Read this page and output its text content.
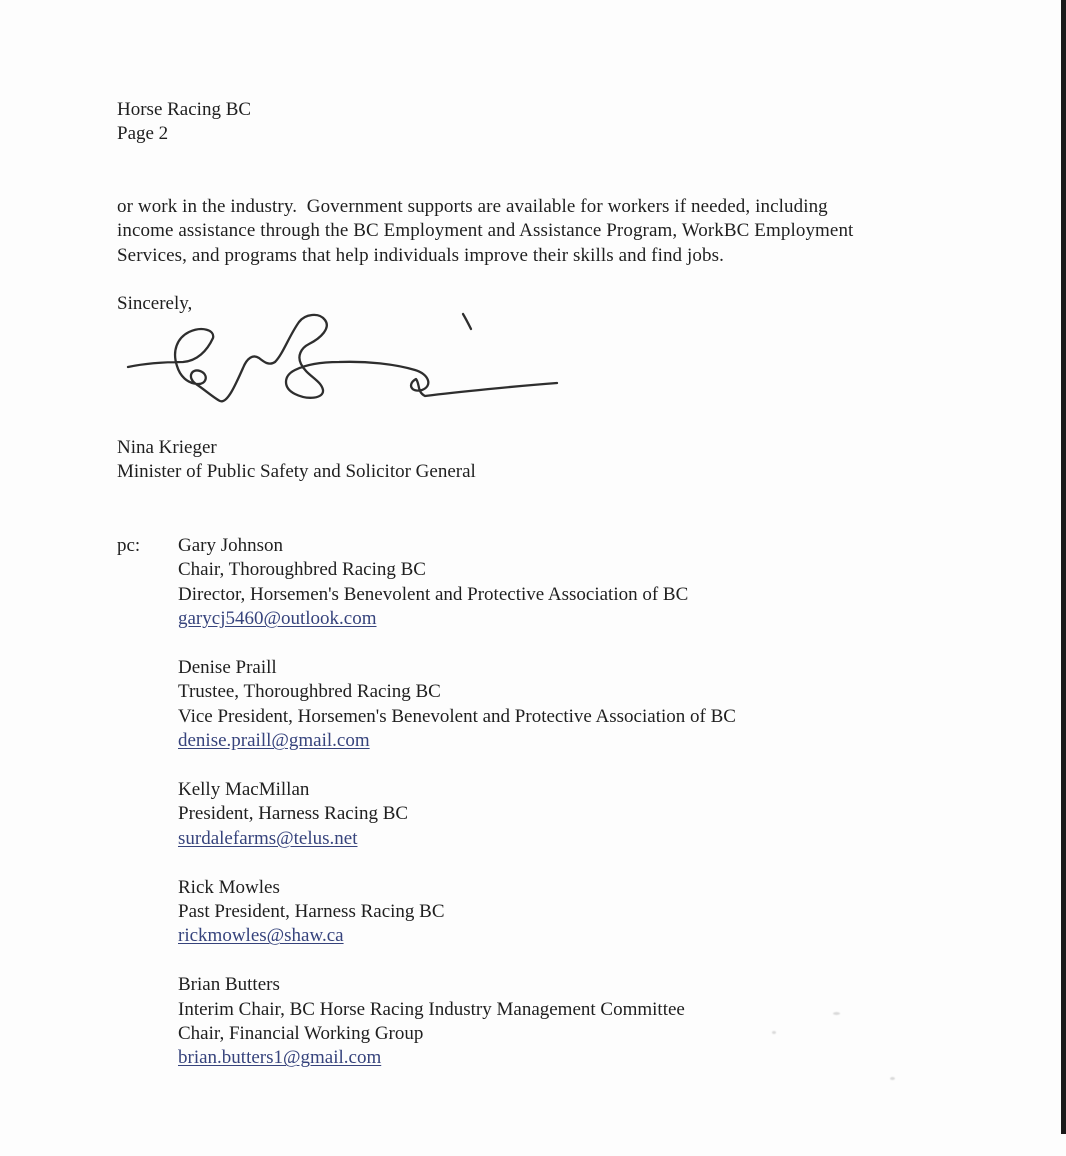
Horse Racing BC
Page 2
or work in the industry.  Government supports are available for workers if needed, including
income assistance through the BC Employment and Assistance Program, WorkBC Employment
Services, and programs that help individuals improve their skills and find jobs.
Sincerely,
Nina Krieger
Minister of Public Safety and Solicitor General
pc: Gary Johnson
Chair, Thoroughbred Racing BC
Director, Horsemen's Benevolent and Protective Association of BC
garycj5460@outlook.com
Denise Praill
Trustee, Thoroughbred Racing BC
Vice President, Horsemen's Benevolent and Protective Association of BC
denise.praill@gmail.com
Kelly MacMillan
President, Harness Racing BC
surdalefarms@telus.net
Rick Mowles
Past President, Harness Racing BC
rickmowles@shaw.ca
Brian Butters
Interim Chair, BC Horse Racing Industry Management Committee
Chair, Financial Working Group
brian.butters1@gmail.com
